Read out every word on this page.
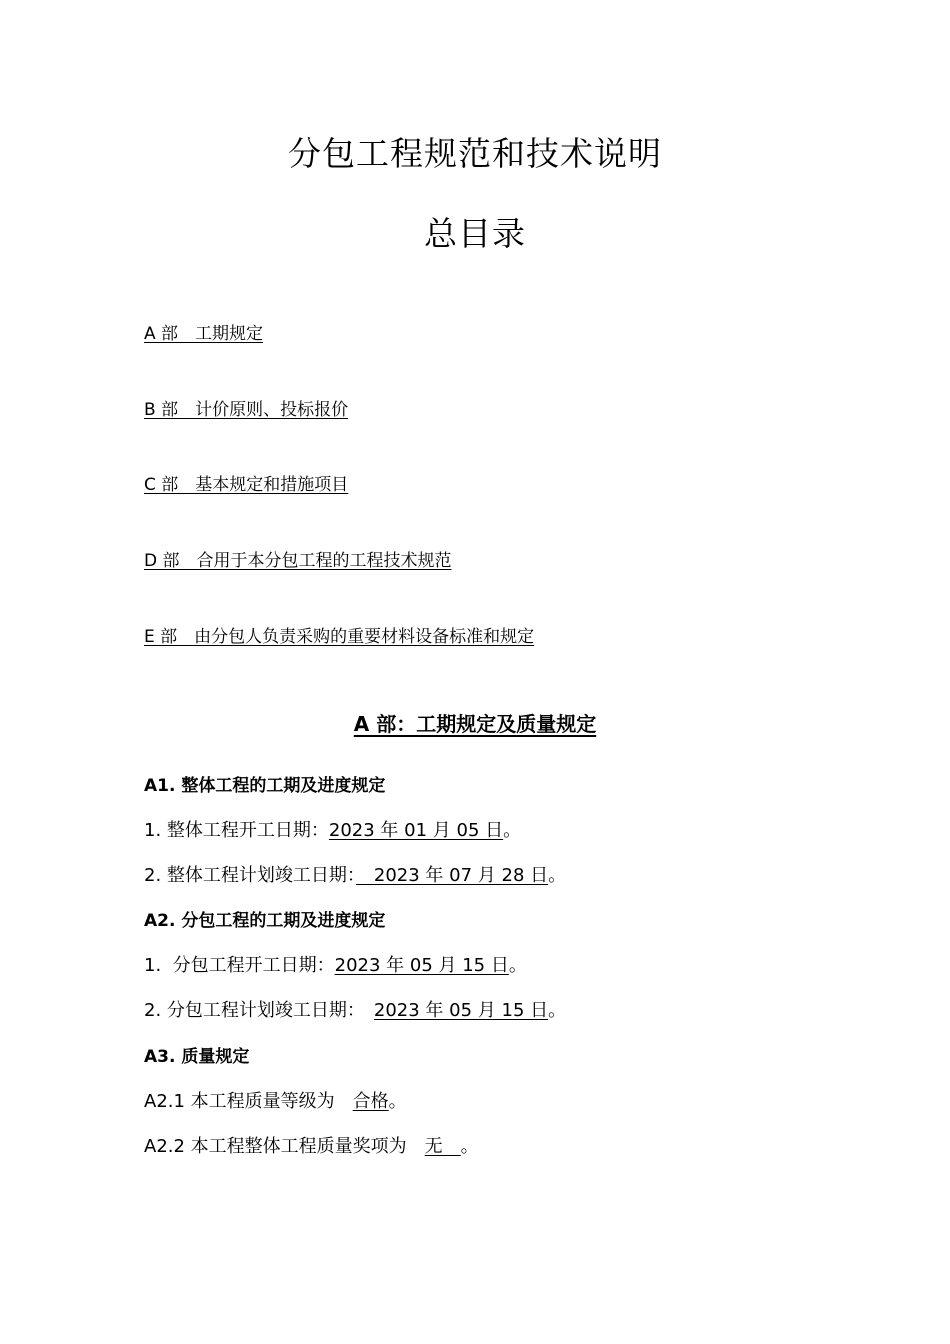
分包工程规范和技术说明
总目录
A 部　工期规定
B 部　计价原则、投标报价
C 部　基本规定和措施项目
D 部　合用于本分包工程的工程技术规范
E 部　由分包人负责采购的重要材料设备标准和规定
A 部：工期规定及质量规定
A1. 整体工程的工期及进度规定
1. 整体工程开工日期：2023 年 01 月 05 日。
2. 整体工程计划竣工日期：　2023 年 07 月 28 日。
A2. 分包工程的工期及进度规定
1.  分包工程开工日期：2023 年 05 月 15 日。
2. 分包工程计划竣工日期：　2023 年 05 月 15 日。
A3. 质量规定
A2.1 本工程质量等级为　合格。
A2.2 本工程整体工程质量奖项为　无　。
